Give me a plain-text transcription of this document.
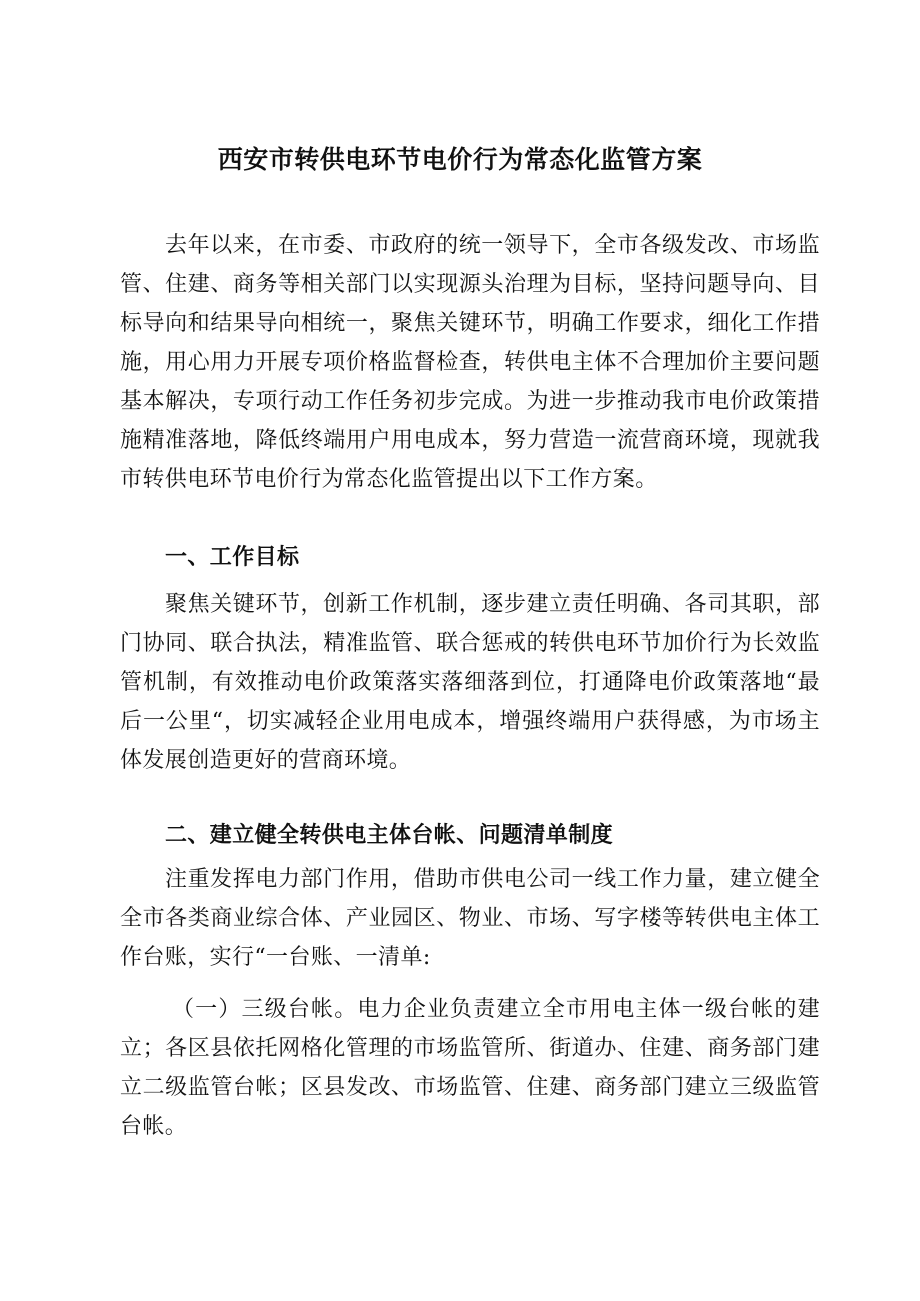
西安市转供电环节电价行为常态化监管方案

去年以来，在市委、市政府的统一领导下，全市各级发改、市场监管、住建、商务等相关部门以实现源头治理为目标，坚持问题导向、目标导向和结果导向相统一，聚焦关键环节，明确工作要求，细化工作措施，用心用力开展专项价格监督检查，转供电主体不合理加价主要问题基本解决，专项行动工作任务初步完成。为进一步推动我市电价政策措施精准落地，降低终端用户用电成本，努力营造一流营商环境，现就我市转供电环节电价行为常态化监管提出以下工作方案。

一、工作目标

聚焦关键环节，创新工作机制，逐步建立责任明确、各司其职，部门协同、联合执法，精准监管、联合惩戒的转供电环节加价行为长效监管机制，有效推动电价政策落实落细落到位，打通降电价政策落地“最后一公里“，切实减轻企业用电成本，增强终端用户获得感，为市场主体发展创造更好的营商环境。

二、建立健全转供电主体台帐、问题清单制度

注重发挥电力部门作用，借助市供电公司一线工作力量，建立健全全市各类商业综合体、产业园区、物业、市场、写字楼等转供电主体工作台账，实行“一台账、一清单:

（一）三级台帐。电力企业负责建立全市用电主体一级台帐的建立；各区县依托网格化管理的市场监管所、街道办、住建、商务部门建立二级监管台帐；区县发改、市场监管、住建、商务部门建立三级监管台帐。
